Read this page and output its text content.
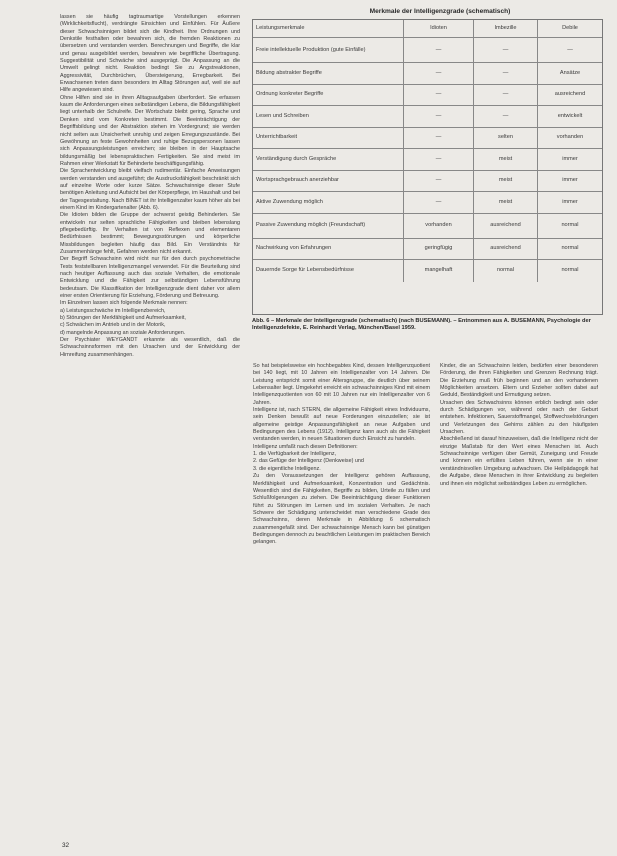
lassen sie häufig tagtraumartige Vorstellungen erkennen (Wirklichkeitsflucht), verdrängte Einsichten und Einfühlen. Für Äußere dieser Schwachsinnigen bildet sich die Kindheit. Ihre Ordnungen und Denkstile festhalten oder bewahren sich, die fremden Reaktionen zu übersetzen und verstanden werden. Berechnungen und Begriffe, die klar und genau ausgebildet werden, bewahren wie begriffliche Übertragung. Suggestibilität und Schwäche sind ausgeprägt. Die Anpassung an die Umwelt gelingt nicht. Reaktion bedingt Sie zu Angstreaktionen, Aggressivität, Durchbrüchen, Übersteigerung, Erregbarkeit. Bei Erwachsenen treten dann besonders im Alltag Störungen auf, weil sie auf Hilfe angewiesen sind.

Ohne Hilfen sind sie in ihren Alltagsaufgaben überfordert. Sie erfassen kaum die Anforderungen eines selbständigen Lebens, die Bildungsfähigkeit liegt unterhalb der Schulreife. Der Wortschatz bleibt gering, Sprache und Denken sind vom Konkreten bestimmt. Die Beeinträchtigung der Begriffsbildung und der Abstraktion stehen im Vordergrund; sie werden nicht selten aus Unsicherheit unruhig und zeigen Erregungszustände. Bei Gewöhnung an feste Gewohnheiten und ruhige Bezugspersonen lassen sich Anpassungsleistungen erreichen; sie bleiben in der Hauptsache bildungsmäßig bei lebenspraktischen Fertigkeiten. Sie sind meist im Rahmen einer Werkstatt für Behinderte beschäftigungsfähig.

Die Sprachentwicklung bleibt vielfach rudimentär. Einfache Anweisungen werden verstanden und ausgeführt; die Ausdrucksfähigkeit beschränkt sich auf einzelne Worte oder kurze Sätze. Schwachsinnige dieser Stufe benötigen Anleitung und Aufsicht bei der Körperpflege, im Haushalt und bei der Tagesgestaltung. Nach BINET ist ihr Intelligenzalter kaum höher als bei einem Kind im Kindergartenalter (Abb. 6).

Die Idioten bilden die Gruppe der schwerst geistig Behinderten. Sie entwickeln nur selten sprachliche Fähigkeiten und bleiben lebenslang pflegebedürftig. Ihr Verhalten ist von Reflexen und elementaren Bedürfnissen bestimmt; Bewegungsstörungen und körperliche Missbildungen begleiten häufig das Bild. Ein Verständnis für Zusammenhänge fehlt, Gefahren werden nicht erkannt.

Der Begriff Schwachsinn wird nicht nur für den durch psychometrische Tests feststellbaren Intelligenzmangel verwendet. Für die Beurteilung sind nach heutiger Auffassung auch das soziale Verhalten, die emotionale Entwicklung und die Fähigkeit zur selbständigen Lebensführung bedeutsam. Die Klassifikation der Intelligenzgrade dient daher vor allem einer ersten Orientierung für Erziehung, Förderung und Betreuung.

Im Einzelnen lassen sich folgende Merkmale nennen:

a) Leistungsschwäche im Intelligenzbereich,
b) Störungen der Merkfähigkeit und Aufmerksamkeit,
c) Schwächen im Antrieb und in der Motorik,
d) mangelnde Anpassung an soziale Anforderungen.

Der Psychiater WEYGANDT erkannte als wesentlich, daß die Schwachsinnsformen mit den Ursachen und der Entwicklung der Hirnreifung zusammenhängen.

Merkmale der Intelligenzgrade (schematisch)
Leistungsmerkmale	Idioten	Imbezille	Debile
Freie intellektuelle Produktion (gute Einfälle)	—	—	—
Bildung abstrakter Begriffe	—	—	Ansätze
Ordnung konkreter Begriffe	—	—	ausreichend
Lesen und Schreiben	—	—	entwickelt
Unterrichtbarkeit	—	selten	vorhanden
Verständigung durch Gespräche	—	meist	immer
Wortsprachgebrauch anerziehbar	—	meist	immer
Aktive Zuwendung möglich	—	meist	immer
Passive Zuwendung möglich (Freundschaft)	vorhanden	ausreichend	normal
Nachwirkung von Erfahrungen	geringfügig	ausreichend	normal
Dauernde Sorge für Lebensbedürfnisse	mangelhaft	normal	normal
Abb. 6 – Merkmale der Intelligenzgrade (schematisch) (nach BUSEMANN). – Entnommen aus A. BUSEMANN, Psychologie der Intelligenzdefekte, E. Reinhardt Verlag, München/Basel 1959.

So hat beispielsweise ein hochbegabtes Kind, dessen Intelligenzquotient bei 140 liegt, mit 10 Jahren ein Intelligenzalter von 14 Jahren. Die Leistung entspricht somit einer Altersgruppe, die deutlich über seinem Lebensalter liegt. Umgekehrt erreicht ein schwachsinniges Kind mit einem Intelligenzquotienten von 60 mit 10 Jahren nur ein Intelligenzalter von 6 Jahren.

Intelligenz ist, nach STERN, die allgemeine Fähigkeit eines Individuums, sein Denken bewußt auf neue Forderungen einzustellen; sie ist allgemeine geistige Anpassungsfähigkeit an neue Aufgaben und Bedingungen des Lebens (1912). Intelligenz kann auch als die Fähigkeit verstanden werden, in neuen Situationen durch Einsicht zu handeln.

Intelligenz umfaßt nach diesen Definitionen:

1. die Verfügbarkeit der Intelligenz,

2. das Gefüge der Intelligenz (Denkweise) und

3. die eigentliche Intelligenz.

Zu den Voraussetzungen der Intelligenz gehören Auffassung, Merkfähigkeit und Aufmerksamkeit, Konzentration und Gedächtnis. Wesentlich sind die Fähigkeiten, Begriffe zu bilden, Urteile zu fällen und Schlußfolgerungen zu ziehen. Die Beeinträchtigung dieser Funktionen führt zu Störungen im Lernen und im sozialen Verhalten. Je nach Schwere der Schädigung unterscheidet man verschiedene Grade des Schwachsinns, deren Merkmale in Abbildung 6 schematisch zusammengefaßt sind. Der schwachsinnige Mensch kann bei günstigen Bedingungen dennoch zu beachtlichen Leistungen im praktischen Bereich gelangen.

Kinder, die an Schwachsinn leiden, bedürfen einer besonderen Förderung, die ihren Fähigkeiten und Grenzen Rechnung trägt. Die Erziehung muß früh beginnen und an den vorhandenen Möglichkeiten ansetzen. Eltern und Erzieher sollten dabei auf Geduld, Beständigkeit und Ermutigung setzen.

Ursachen des Schwachsinns können erblich bedingt sein oder durch Schädigungen vor, während oder nach der Geburt entstehen. Infektionen, Sauerstoffmangel, Stoffwechselstörungen und Verletzungen des Gehirns zählen zu den häufigsten Ursachen.

Abschließend ist darauf hinzuweisen, daß die Intelligenz nicht der einzige Maßstab für den Wert eines Menschen ist. Auch Schwachsinnige verfügen über Gemüt, Zuneigung und Freude und können ein erfülltes Leben führen, wenn sie in einer verständnisvollen Umgebung aufwachsen. Die Heilpädagogik hat die Aufgabe, diese Menschen in ihrer Entwicklung zu begleiten und ihnen ein möglichst selbständiges Leben zu ermöglichen.

32
